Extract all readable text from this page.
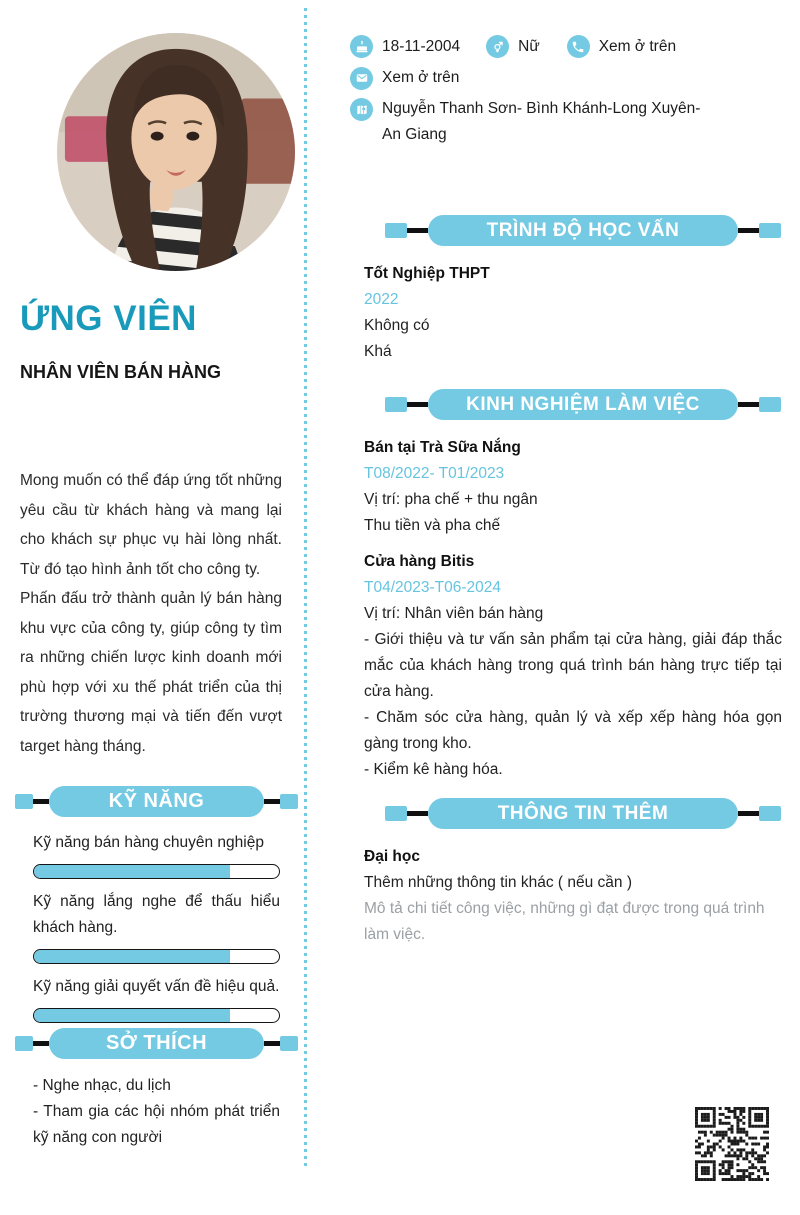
ỨNG VIÊN
NHÂN VIÊN BÁN HÀNG

Mong muốn có thể đáp ứng tốt những yêu cầu từ khách hàng và mang lại cho khách sự phục vụ hài lòng nhất. Từ đó tạo hình ảnh tốt cho công ty.

Phấn đấu trở thành quản lý bán hàng khu vực của công ty, giúp công ty tìm ra những chiến lược kinh doanh mới phù hợp với xu thế phát triển của thị trường thương mại và tiến đến vượt target hàng tháng.

KỸ NĂNG
Kỹ năng bán hàng chuyên nghiệp
Kỹ năng lắng nghe để thấu hiểu khách hàng.
Kỹ năng giải quyết vấn đề hiệu quả.
SỞ THÍCH

- Nghe nhạc, du lịch

- Tham gia các hội nhóm phát triển kỹ năng con người

18-11-2004	Nữ	Xem ở trên
Xem ở trên
Nguyễn Thanh Sơn- Bình Khánh-Long Xuyên-
An Giang
TRÌNH ĐỘ HỌC VẤN
Tốt Nghiệp THPT
2022
Không có
Khá
KINH NGHIỆM LÀM VIỆC
Bán tại Trà Sữa Nắng
T08/2022- T01/2023
Vị trí: pha chế + thu ngân

Thu tiền và pha chế

Cửa hàng Bitis
T04/2023-T06-2024
Vị trí: Nhân viên bán hàng

- Giới thiệu và tư vấn sản phẩm tại cửa hàng, giải đáp thắc mắc của khách hàng trong quá trình bán hàng trực tiếp tại cửa hàng.

- Chăm sóc cửa hàng, quản lý và xếp xếp hàng hóa gọn gàng trong kho.

- Kiểm kê hàng hóa.

THÔNG TIN THÊM
Đại học
Thêm những thông tin khác ( nếu cần )
Mô tả chi tiết công việc, những gì đạt được trong quá trình làm việc.
